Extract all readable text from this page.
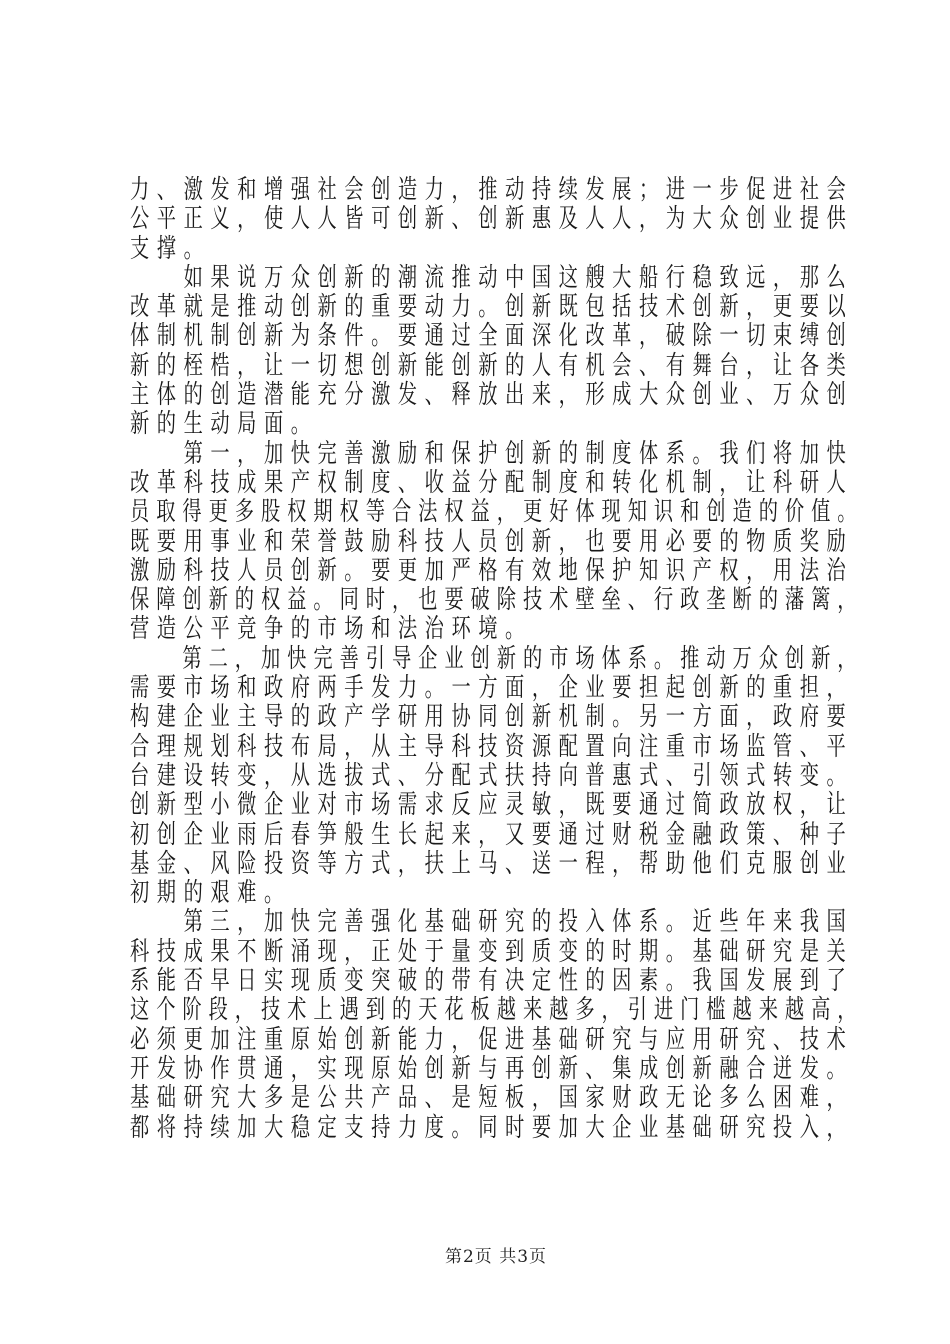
力、激发和增强社会创造力，推动持续发展；进一步促进社会
公平正义，使人人皆可创新、创新惠及人人，为大众创业提供
支撑。
　　如果说万众创新的潮流推动中国这艘大船行稳致远，那么
改革就是推动创新的重要动力。创新既包括技术创新，更要以
体制机制创新为条件。要通过全面深化改革，破除一切束缚创
新的桎梏，让一切想创新能创新的人有机会、有舞台，让各类
主体的创造潜能充分激发、释放出来，形成大众创业、万众创
新的生动局面。
　　第一，加快完善激励和保护创新的制度体系。我们将加快
改革科技成果产权制度、收益分配制度和转化机制，让科研人
员取得更多股权期权等合法权益，更好体现知识和创造的价值。
既要用事业和荣誉鼓励科技人员创新，也要用必要的物质奖励
激励科技人员创新。要更加严格有效地保护知识产权，用法治
保障创新的权益。同时，也要破除技术壁垒、行政垄断的藩篱，
营造公平竞争的市场和法治环境。
　　第二，加快完善引导企业创新的市场体系。推动万众创新，
需要市场和政府两手发力。一方面，企业要担起创新的重担，
构建企业主导的政产学研用协同创新机制。另一方面，政府要
合理规划科技布局，从主导科技资源配置向注重市场监管、平
台建设转变，从选拔式、分配式扶持向普惠式、引领式转变。
创新型小微企业对市场需求反应灵敏，既要通过简政放权，让
初创企业雨后春笋般生长起来，又要通过财税金融政策、种子
基金、风险投资等方式，扶上马、送一程，帮助他们克服创业
初期的艰难。
　　第三，加快完善强化基础研究的投入体系。近些年来我国
科技成果不断涌现，正处于量变到质变的时期。基础研究是关
系能否早日实现质变突破的带有决定性的因素。我国发展到了
这个阶段，技术上遇到的天花板越来越多，引进门槛越来越高，
必须更加注重原始创新能力，促进基础研究与应用研究、技术
开发协作贯通，实现原始创新与再创新、集成创新融合迸发。
基础研究大多是公共产品、是短板，国家财政无论多么困难，
都将持续加大稳定支持力度。同时要加大企业基础研究投入，
第2页 共3页
